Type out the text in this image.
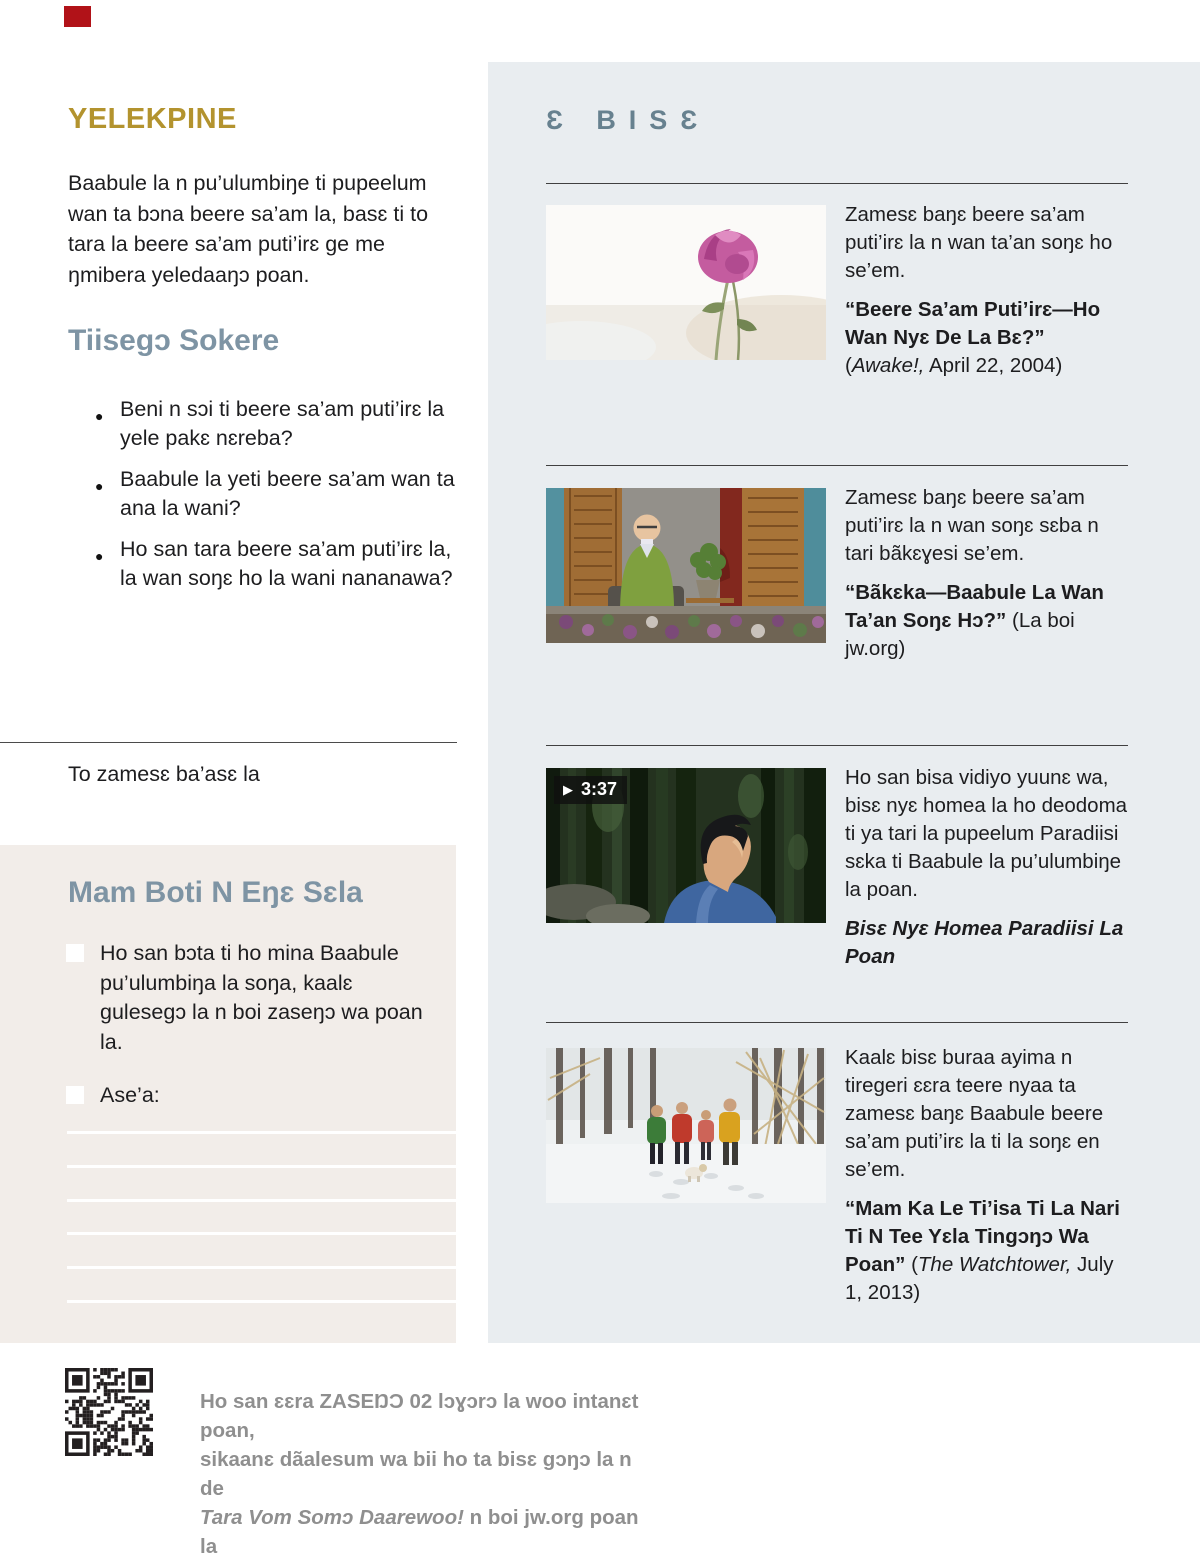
YELEKPINE

Baabule la n pu’ulumbiŋe ti pupeelum wan ta bɔna beere sa’am la, basɛ ti to tara la beere sa’am puti’irɛ ge me ŋmibera yeledaaŋɔ poan.

Tiisegɔ Sokere
● Beni n sɔi ti beere sa’am puti’irɛ la yele pakɛ nɛreba?
● Baabule la yeti beere sa’am wan ta ana la wani?
● Ho san tara beere sa’am puti’irɛ la, la wan soŋɛ ho la wani nananawa?

To zamesɛ ba’asɛ la

Mam Boti N Eŋɛ Sɛla
Ho san bɔta ti ho mina Baabule pu’ulumbiŋa la soŋa, kaalɛ gulesegɔ la n boi zaseŋɔ wa poan la.
Ase’a:
Ho san ɛɛra ZASEŊƆ 02 lɔɣɔrɔ la woo intanɛt poan,
sikaanɛ dãalesum wa bii ho ta bisɛ gɔŋɔ la n de
Tara Vom Somɔ Daarewoo! n boi jw.org poan la
Ɛ BISƐ

Zamesɛ baŋɛ beere sa’am puti’irɛ la n wan ta’an soŋɛ ho se’em.

“Beere Sa’am Puti’irɛ—Ho Wan Nyɛ De La Bɛ?” (Awake!, April 22, 2004)

Zamesɛ baŋɛ beere sa’am puti’irɛ la n wan soŋɛ sɛba n tari bãkɛɣesi se’em.

“Bãkɛka—Baabule La Wan Ta’an Soŋɛ Hɔ?” (La boi jw.org)

▶ 3:37	Ho san bisa vidiyo yuunɛ wa, bisɛ nyɛ homea la ho deodoma ti ya tari la pupeelum Paradiisi sɛka ti Baabule la pu’ulumbiŋe la poan.

Bisɛ Nyɛ Homea Paradiisi La Poan

Kaalɛ bisɛ buraa ayima n tiregeri ɛɛra teere nyaa ta zamesɛ baŋɛ Baabule beere sa’am puti’irɛ la ti la soŋɛ en se’em.

“Mam Ka Le Ti’isa Ti La Nari Ti N Tee Yɛla Tingɔŋɔ Wa Poan” (The Watchtower, July 1, 2013)
